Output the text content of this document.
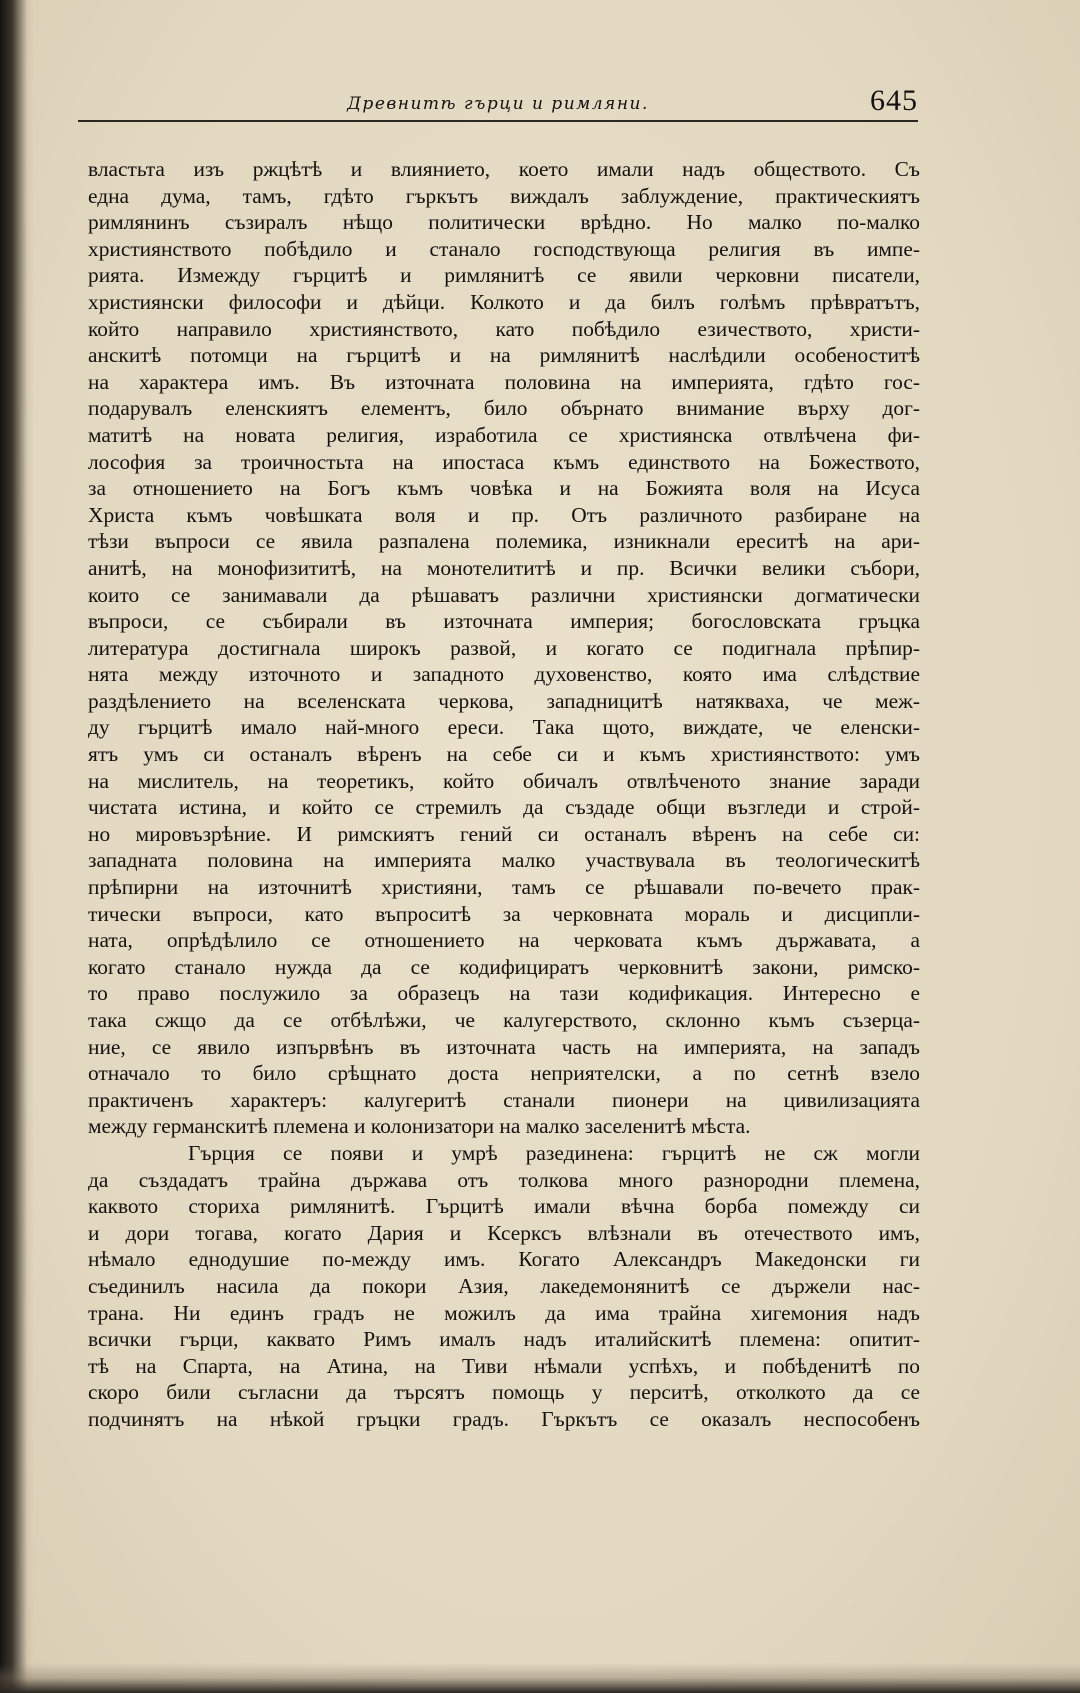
Древнитѣ гърци и римляни.	645
властьта изъ ржцѣтѣ и влиянието, което имали надъ обществото. Съ
една дума, тамъ, гдѣто гъркътъ виждалъ заблуждение, практическиятъ
римлянинъ съзиралъ нѣщо политически врѣдно. Но малко по-малко
християнството побѣдило и станало господствующа религия въ импе-
рията. Измежду гърцитѣ и римлянитѣ се явили черковни писатели,
християнски философи и дѣйци. Колкото и да билъ голѣмъ прѣвратътъ,
който направило християнството, като побѣдило езичеството, христи-
анскитѣ потомци на гърцитѣ и на римлянитѣ наслѣдили особеноститѣ
на характера имъ. Въ източната половина на империята, гдѣто гос-
подарувалъ еленскиятъ елементъ, било обърнато внимание върху дог-
матитѣ на новата религия, изработила се християнска отвлѣчена фи-
лософия за троичностьта на ипостаса къмъ единството на Божеството,
за отношението на Богъ къмъ човѣка и на Божията воля на Исуса
Христа къмъ човѣшката воля и пр. Отъ различното разбиране на
тѣзи въпроси се явила разпалена полемика, изникнали ереситѣ на ари-
анитѣ, на монофизититѣ, на монотелититѣ и пр. Всички велики събори,
които се занимавали да рѣшаватъ различни християнски догматически
въпроси, се събирали въ източната империя; богословската гръцка
литература достигнала широкъ развой, и когато се подигнала прѣпир-
нята между източното и западното духовенство, която има слѣдствие
раздѣлението на вселенската черкова, западницитѣ натякваха, че меж-
ду гърцитѣ имало най-много ереси. Така щото, виждате, че еленски-
ятъ умъ си останалъ вѣренъ на себе си и къмъ християнството: умъ
на мислитель, на теоретикъ, който обичалъ отвлѣченото знание заради
чистата истина, и който се стремилъ да създаде общи възгледи и строй-
но мировъзрѣние. И римскиятъ гений си останалъ вѣренъ на себе си:
западната половина на империята малко участвувала въ теологическитѣ
прѣпирни на източнитѣ християни, тамъ се рѣшавали по-вечето прак-
тически въпроси, като въпроситѣ за черковната мораль и дисципли-
ната, опрѣдѣлило се отношението на черковата къмъ държавата, а
когато станало нужда да се кодифициратъ черковнитѣ закони, римско-
то право послужило за образецъ на тази кодификация. Интересно е
така сжщо да се отбѣлѣжи, че калугерството, склонно къмъ съзерца-
ние, се явило изпървѣнъ въ източната часть на империята, на западъ
отначало то било срѣщнато доста неприятелски, а по сетнѣ взело
практиченъ характеръ: калугеритѣ станали пионери на цивилизацията
между германскитѣ племена и колонизатори на малко заселенитѣ мѣста.
Гърция се появи и умрѣ разединена: гърцитѣ не сж могли
да създадатъ трайна държава отъ толкова много разнородни племена,
каквото сториха римлянитѣ. Гърцитѣ имали вѣчна борба помежду си
и дори тогава, когато Дария и Ксерксъ влѣзнали въ отечеството имъ,
нѣмало еднодушие по-между имъ. Когато Александръ Македонски ги
съединилъ насила да покори Азия, лакедемонянитѣ се държели нас-
трана. Ни единъ градъ не можилъ да има трайна хигемония надъ
всички гърци, каквато Римъ ималъ надъ италийскитѣ племена: опитит-
тѣ на Спарта, на Атина, на Тиви нѣмали успѣхъ, и побѣденитѣ по
скоро били съгласни да търсятъ помощь у перситѣ, отколкото да се
подчинятъ на нѣкой гръцки градъ. Гъркътъ се оказалъ неспособенъ
